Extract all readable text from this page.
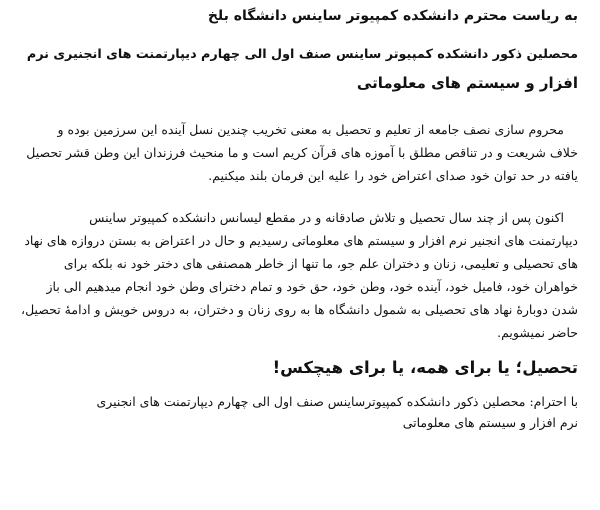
به ریاست محترم دانشکده کمپیوتر ساینس دانشگاه بلخ
محصلین ذکور دانشکده کمپیوتر ساینس صنف اول الی چهارم دیپارتمنت های انجنیری نرم
افزار و سیستم های معلوماتی
محروم سازی نصف جامعه از تعلیم و تحصیل به معنی تخریب چندین نسل آینده این سرزمین بوده و
خلاف شریعت و در تناقص مطلق با آموزه های قرآن کریم است و ما منحیث فرزندان این وطن قشر تحصیل
یافته در حد توان خود صدای اعتراض خود را علیه این فرمان بلند میکنیم.
اکنون پس از چند سال تحصیل و تلاش صادقانه و در مقطع لیسانس دانشکده کمپیوتر ساینس
دیپارتمنت های انجنیر نرم افزار و سیستم های معلوماتی رسیدیم و حال در اعتراض به بستن دروازه های نهاد
های تحصیلی و تعلیمی، زنان و دختران علم جو، ما تنها از خاطر همصنفی های دختر خود نه بلکه برای
خواهران خود، فامیل خود، آینده خود، وطن خود، حق خود و تمام دخترای وطن خود انجام میدهیم الی باز
شدن دوبارهٔ نهاد های تحصیلی به شمول دانشگاه ها به روی زنان و دختران، به دروس خویش و ادامهٔ تحصیل،
حاضر نمیشویم.
تحصیل؛ یا برای همه، یا برای هیچکس!
با احترام: محصلین ذکور دانشکده کمپیوترساینس صنف اول الی چهارم دیپارتمنت های انجنیری
نرم افزار و سیستم های معلوماتی
